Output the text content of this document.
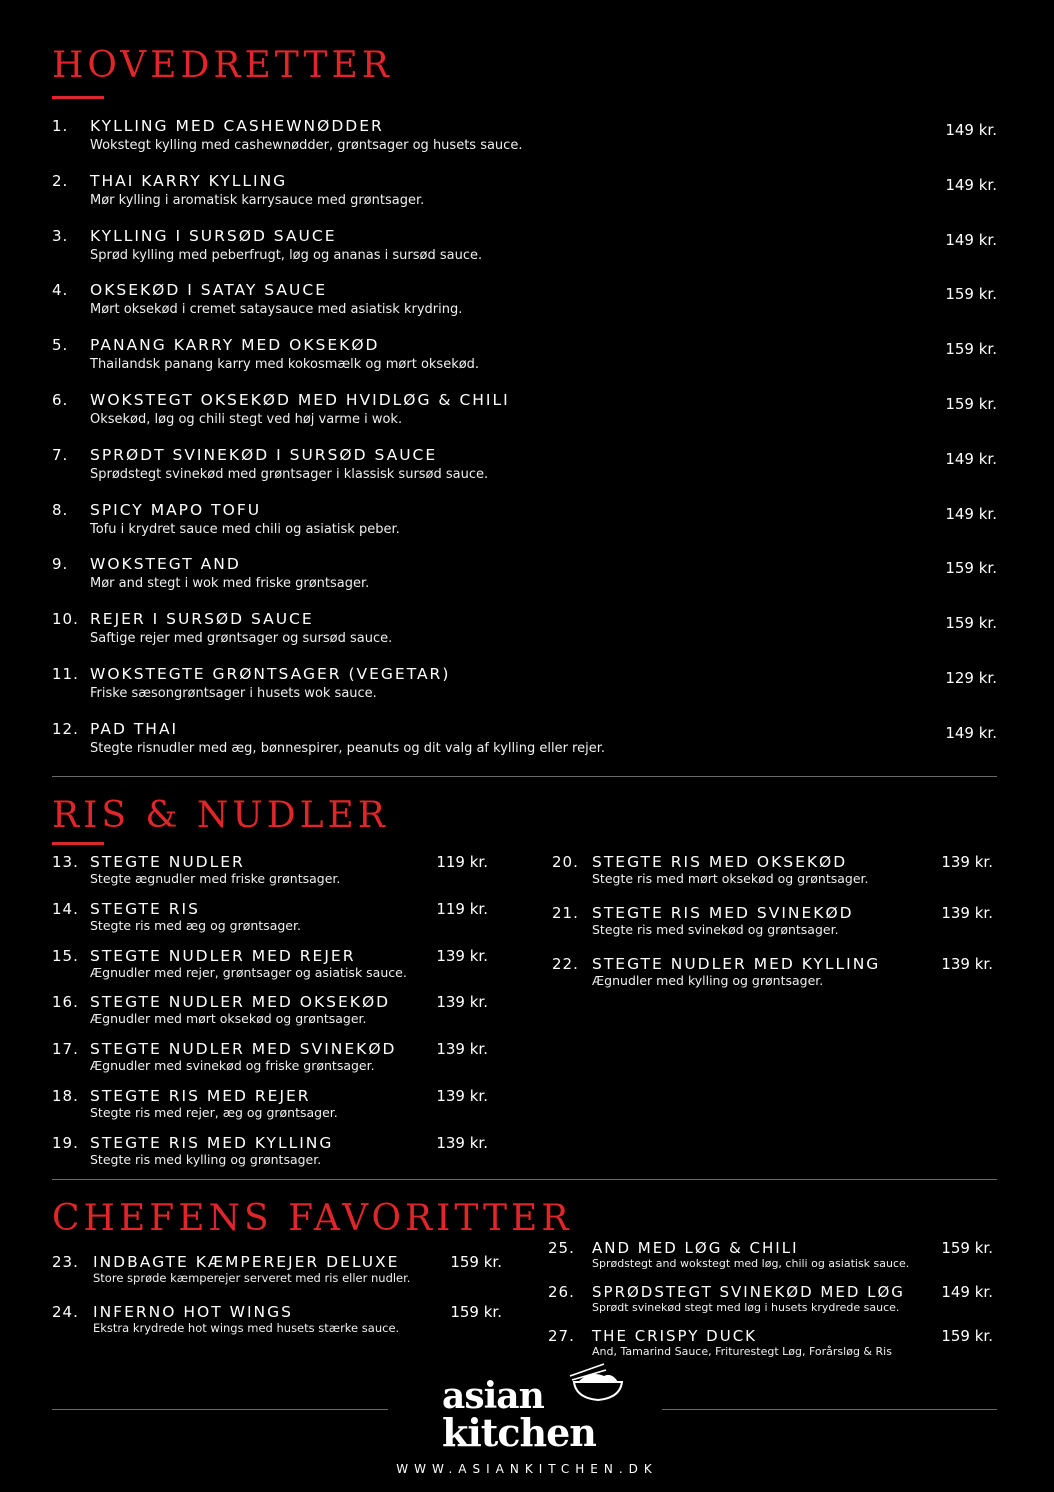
HOVEDRETTER
1. KYLLING MED CASHEWNØDDER
Wokstegt kylling med cashewnødder, grøntsager og husets sauce.
149 kr.
2. THAI KARRY KYLLING
Mør kylling i aromatisk karrysauce med grøntsager.
149 kr.
3. KYLLING I SURSØD SAUCE
Sprød kylling med peberfrugt, løg og ananas i sursød sauce.
149 kr.
4. OKSEKØD I SATAY SAUCE
Mørt oksekød i cremet sataysauce med asiatisk krydring.
159 kr.
5. PANANG KARRY MED OKSEKØD
Thailandsk panang karry med kokosmælk og mørt oksekød.
159 kr.
6. WOKSTEGT OKSEKØD MED HVIDLØG & CHILI
Oksekød, løg og chili stegt ved høj varme i wok.
159 kr.
7. SPRØDT SVINEKØD I SURSØD SAUCE
Sprødstegt svinekød med grøntsager i klassisk sursød sauce.
149 kr.
8. SPICY MAPO TOFU
Tofu i krydret sauce med chili og asiatisk peber.
149 kr.
9. WOKSTEGT AND
Mør and stegt i wok med friske grøntsager.
159 kr.
10. REJER I SURSØD SAUCE
Saftige rejer med grøntsager og sursød sauce.
159 kr.
11. WOKSTEGTE GRØNTSAGER (VEGETAR)
Friske sæsongrøntsager i husets wok sauce.
129 kr.
12. PAD THAI
Stegte risnudler med æg, bønnespirer, peanuts og dit valg af kylling eller rejer.
149 kr.
RIS & NUDLER
13. STEGTE NUDLER
Stegte ægnudler med friske grøntsager.
119 kr.
14. STEGTE RIS
Stegte ris med æg og grøntsager.
119 kr.
15. STEGTE NUDLER MED REJER
Ægnudler med rejer, grøntsager og asiatisk sauce.
139 kr.
16. STEGTE NUDLER MED OKSEKØD
Ægnudler med mørt oksekød og grøntsager.
139 kr.
17. STEGTE NUDLER MED SVINEKØD
Ægnudler med svinekød og friske grøntsager.
139 kr.
18. STEGTE RIS MED REJER
Stegte ris med rejer, æg og grøntsager.
139 kr.
19. STEGTE RIS MED KYLLING
Stegte ris med kylling og grøntsager.
139 kr.
20. STEGTE RIS MED OKSEKØD
Stegte ris med mørt oksekød og grøntsager.
139 kr.
21. STEGTE RIS MED SVINEKØD
Stegte ris med svinekød og grøntsager.
139 kr.
22. STEGTE NUDLER MED KYLLING
Ægnudler med kylling og grøntsager.
139 kr.
CHEFENS FAVORITTER
23. INDBAGTE KÆMPEREJER DELUXE
Store sprøde kæmperejer serveret med ris eller nudler.
159 kr.
24. INFERNO HOT WINGS
Ekstra krydrede hot wings med husets stærke sauce.
159 kr.
25. AND MED LØG & CHILI
Sprødstegt and wokstegt med løg, chili og asiatisk sauce.
159 kr.
26. SPRØDSTEGT SVINEKØD MED LØG
Sprødt svinekød stegt med løg i husets krydrede sauce.
149 kr.
27. THE CRISPY DUCK
And, Tamarind Sauce, Friturestegt Løg, Forårsløg & Ris
159 kr.
asian
kitchen
WWW.ASIANKITCHEN.DK
